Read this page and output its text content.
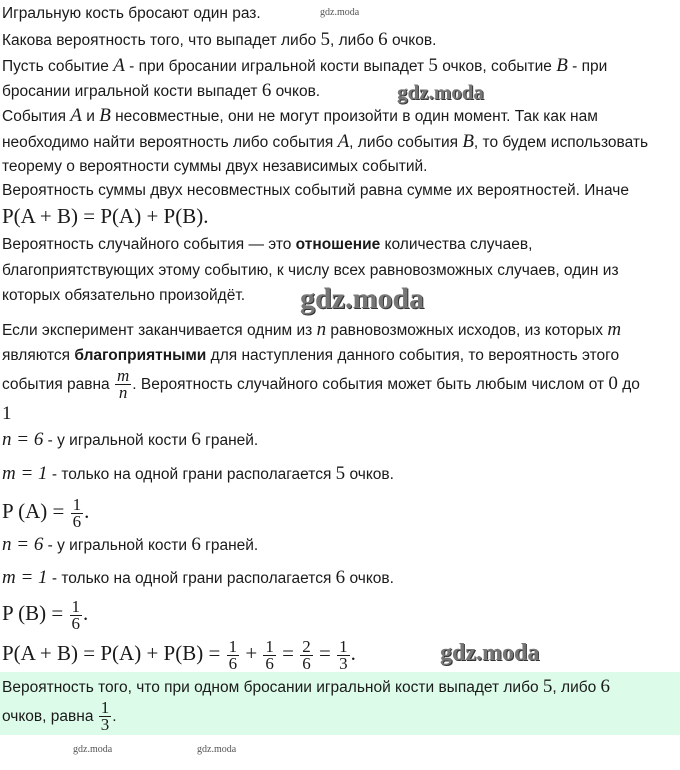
Игральную кость бросают один раз.
Какова вероятность того, что выпадет либо 5, либо 6 очков.
Пусть событие A - при бросании игральной кости выпадет 5 очков, событие B - при
бросании игральной кости выпадет 6 очков.
События A и B несовместные, они не могут произойти в один момент. Так как нам
необходимо найти вероятность либо события A, либо события B, то будем использовать
теорему о вероятности суммы двух независимых событий.
Вероятность суммы двух несовместных событий равна сумме их вероятностей. Иначе
P(A + B) = P(A) + P(B).
Вероятность случайного события — это отношение количества случаев,
благоприятствующих этому событию, к числу всех равновозможных случаев, один из
которых обязательно произойдёт.
Если эксперимент заканчивается одним из n равновозможных исходов, из которых m
являются благоприятными для наступления данного события, то вероятность этого
события равна $\frac{m}{n}$ . Вероятность случайного события может быть любым числом от 0 до
1
n = 6 - у игральной кости 6 граней.
m = 1 - только на одной грани располагается 5 очков.
P $(A) = \frac{1}{6}$ .
n = 6 - у игральной кости 6 граней.
m = 1 - только на одной грани располагается 6 очков.
P $(B) = \frac{1}{6}$ .
$P(A + B) = P(A) + P(B) = \frac{1}{6} + \frac{1}{6} = \frac{2}{6} = \frac{1}{3}$ .
Вероятность того, что при одном бросании игральной кости выпадет либо 5, либо 6
очков, равна $\frac{1}{3}$ .
gdz.moda
gdz.moda
gdz.moda
gdz.moda	gdz.moda
gdz.moda
